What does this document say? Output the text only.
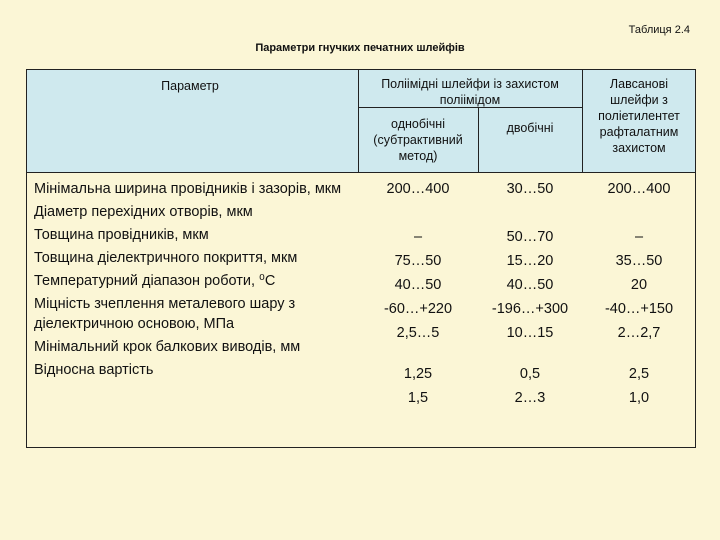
Таблиця 2.4
Параметри гнучких печатних шлейфів
Параметр	Поліімідні шлейфи із захистом поліімідом
однобічні (субтрактивний метод)
двобічні
Лавсанові шлейфи з поліетилентет рафталатним захистом

Мінімальна ширина провідників і зазорів, мкм

Діаметр перехідних отворів, мкм

Товщина провідників, мкм

Товщина діелектричного покриття, мкм

Температурний діапазон роботи, ⁰С

Міцність зчеплення металевого шару з діелектричною основою, МПа

Мінімальний крок балкових виводів, мм

Відносна вартість

200…400
–
75…50
40…50
-60…+220
2,5…5
1,25
1,5
30…50
50…70
15…20
40…50
-196…+300
10…15
0,5
2…3
200…400
–
35…50
20
-40…+150
2…2,7
2,5
1,0
